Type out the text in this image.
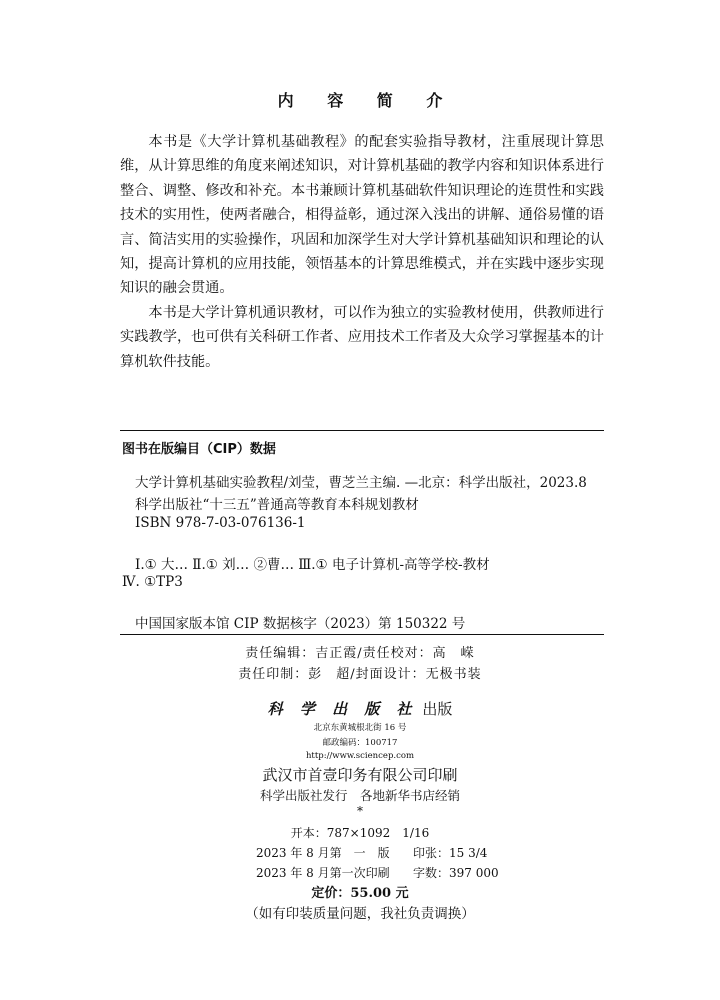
内 容 简 介

本书是《大学计算机基础教程》的配套实验指导教材，注重展现计算思维，从计算思维的角度来阐述知识，对计算机基础的教学内容和知识体系进行整合、调整、修改和补充。本书兼顾计算机基础软件知识理论的连贯性和实践技术的实用性，使两者融合，相得益彰，通过深入浅出的讲解、通俗易懂的语言、简洁实用的实验操作，巩固和加深学生对大学计算机基础知识和理论的认知，提高计算机的应用技能，领悟基本的计算思维模式，并在实践中逐步实现知识的融会贯通。

本书是大学计算机通识教材，可以作为独立的实验教材使用，供教师进行实践教学，也可供有关科研工作者、应用技术工作者及大众学习掌握基本的计算机软件技能。

图书在版编目（CIP）数据
大学计算机基础实验教程/刘莹，曹芝兰主编. —北京：科学出版社，2023.8
科学出版社“十三五”普通高等教育本科规划教材
ISBN 978-7-03-076136-1
Ⅰ.① 大… Ⅱ.① 刘… ②曹… Ⅲ.① 电子计算机-高等学校-教材
Ⅳ. ①TP3
中国国家版本馆 CIP 数据核字（2023）第 150322 号
责任编辑：吉正霞/责任校对：高　嵘
责任印制：彭　超/封面设计：无极书装
科 学 出 版 社 出版
北京东黄城根北街 16 号
邮政编码：100717
http://www.sciencep.com
武汉市首壹印务有限公司印刷
科学出版社发行　各地新华书店经销
*
开本：787×1092　1/16
2023 年 8 月第　一　版 印张：15 3/4
2023 年 8 月第一次印刷 字数：397 000
定价：55.00 元
（如有印装质量问题，我社负责调换）
